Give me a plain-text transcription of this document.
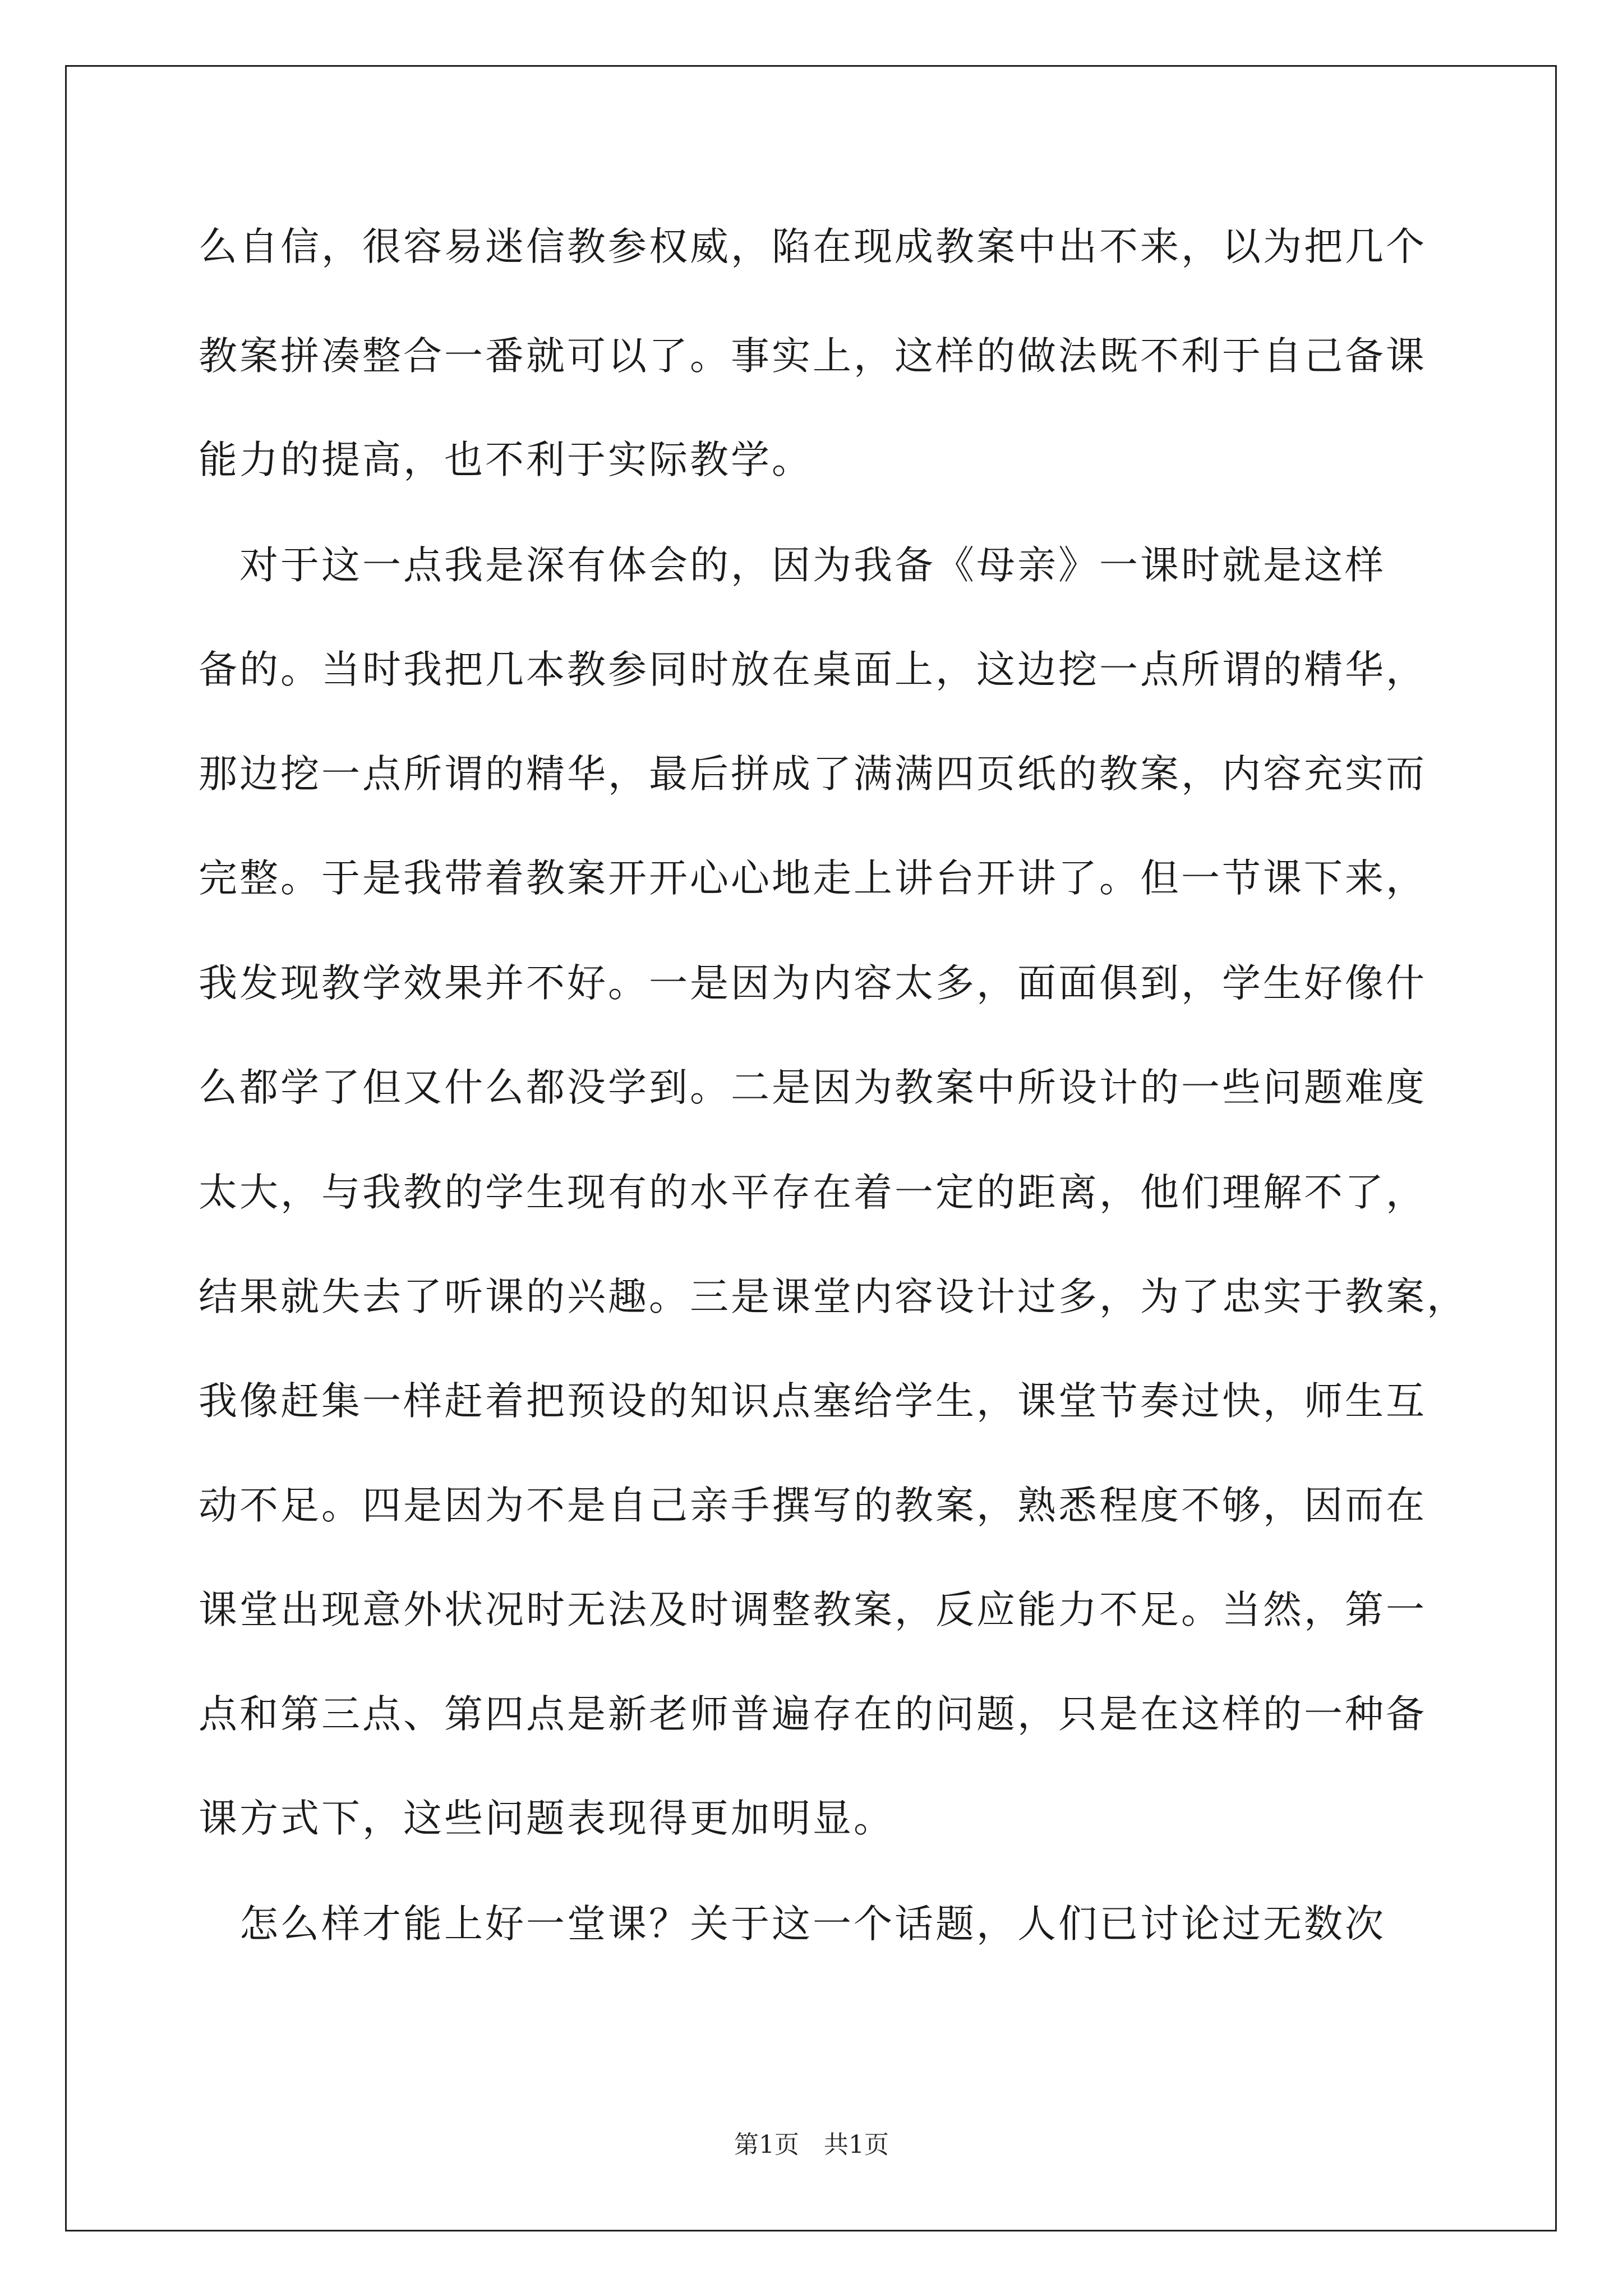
么自信，很容易迷信教参权威，陷在现成教案中出不来，以为把几个
教案拼凑整合一番就可以了。事实上，这样的做法既不利于自己备课
能力的提高，也不利于实际教学。
　对于这一点我是深有体会的，因为我备《母亲》一课时就是这样
备的。当时我把几本教参同时放在桌面上，这边挖一点所谓的精华，
那边挖一点所谓的精华，最后拼成了满满四页纸的教案，内容充实而
完整。于是我带着教案开开心心地走上讲台开讲了。但一节课下来，
我发现教学效果并不好。一是因为内容太多，面面俱到，学生好像什
么都学了但又什么都没学到。二是因为教案中所设计的一些问题难度
太大，与我教的学生现有的水平存在着一定的距离，他们理解不了，
结果就失去了听课的兴趣。三是课堂内容设计过多，为了忠实于教案，
我像赶集一样赶着把预设的知识点塞给学生，课堂节奏过快，师生互
动不足。四是因为不是自己亲手撰写的教案，熟悉程度不够，因而在
课堂出现意外状况时无法及时调整教案，反应能力不足。当然，第一
点和第三点、第四点是新老师普遍存在的问题，只是在这样的一种备
课方式下，这些问题表现得更加明显。
　怎么样才能上好一堂课？关于这一个话题，人们已讨论过无数次
第1页　共1页
